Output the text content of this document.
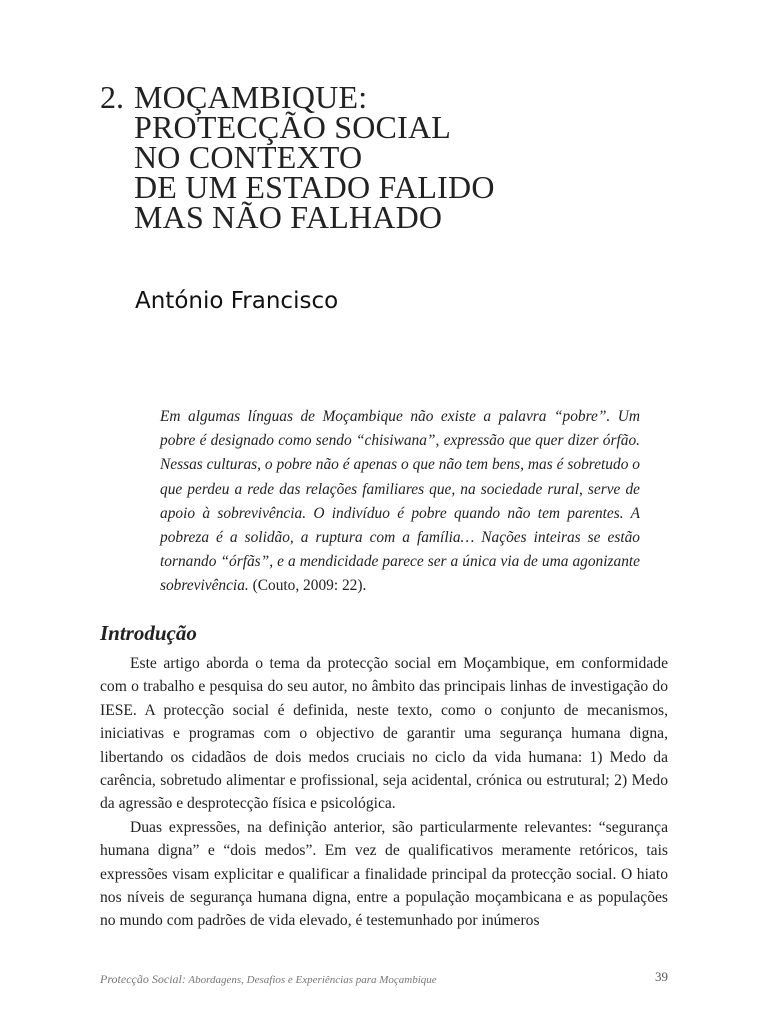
2. MOÇAMBIQUE:
PROTECÇÃO SOCIAL
NO CONTEXTO
DE UM ESTADO FALIDO
MAS NÃO FALHADO
António Francisco
Em algumas línguas de Moçambique não existe a palavra “pobre”. Um pobre é designado como sendo “chisiwana”, expressão que quer dizer órfão. Nessas culturas, o pobre não é apenas o que não tem bens, mas é sobretudo o que perdeu a rede das relações familiares que, na sociedade rural, serve de apoio à sobrevivência. O indivíduo é pobre quando não tem parentes. A pobreza é a solidão, a ruptura com a família… Nações inteiras se estão tornando “órfãs”, e a mendicidade parece ser a única via de uma agonizante sobrevivência. (Couto, 2009: 22).
Introdução

Este artigo aborda o tema da protecção social em Moçambique, em conformidade com o trabalho e pesquisa do seu autor, no âmbito das principais linhas de investigação do IESE. A protecção social é definida, neste texto, como o conjunto de mecanismos, iniciativas e programas com o objectivo de garantir uma segurança humana digna, libertando os cidadãos de dois medos cruciais no ciclo da vida humana: 1) Medo da carência, sobretudo alimentar e profissional, seja acidental, crónica ou estrutural; 2) Medo da agressão e desprotecção física e psicológica.

Duas expressões, na definição anterior, são particularmente relevantes: “segurança humana digna” e “dois medos”. Em vez de qualificativos meramente retóricos, tais expressões visam explicitar e qualificar a finalidade principal da protecção social. O hiato nos níveis de segurança humana digna, entre a população moçambicana e as populações no mundo com padrões de vida elevado, é testemunhado por inúmeros

Protecção Social: Abordagens, Desafios e Experiências para Moçambique	39
